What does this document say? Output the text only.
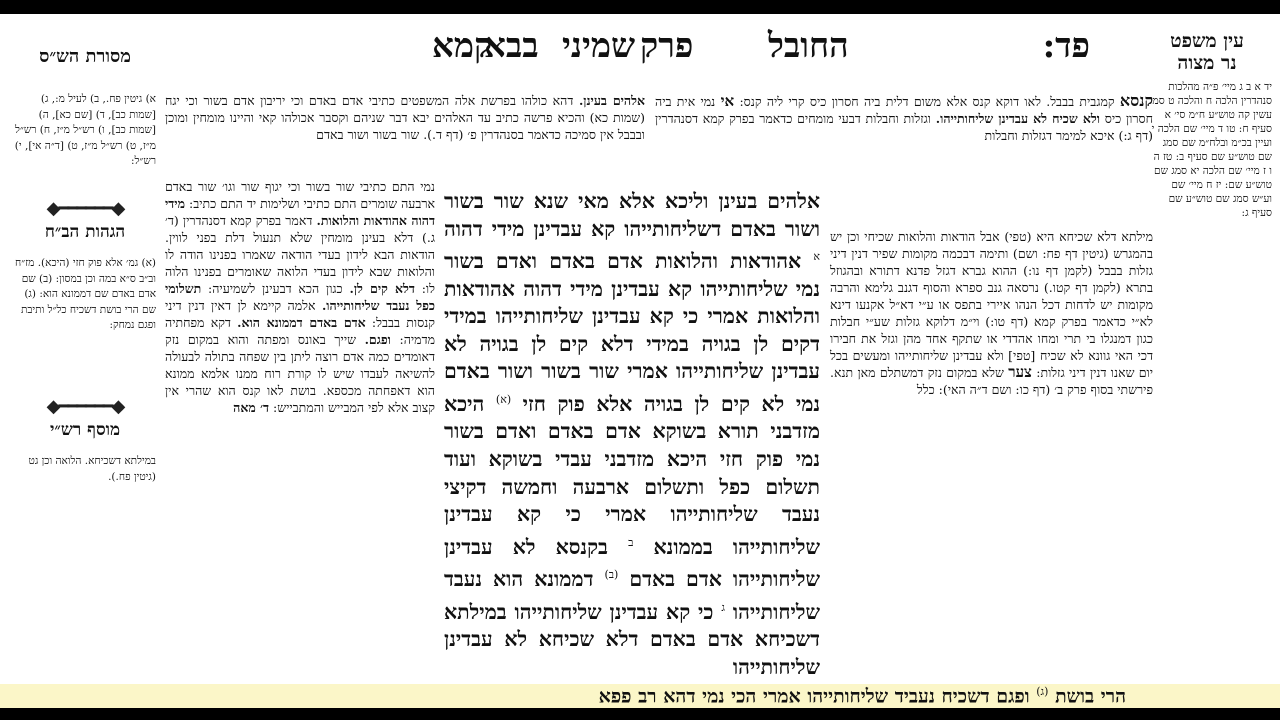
פד:
החובל
פרק
שמיני
בבא
קמא	עין משפט
נר מצוה
יד א ב ג מיי׳ פ״ה מהלכות סנהדרין הלכה ח והלכה ט סמג עשין קה טוש״ע ח״מ סי׳ א סעיף ח: טו ד מיי׳ שם הלכה י ועיין בכ״מ ובלח״מ שם סמג שם טוש״ע שם סעיף ב: טז ה ו ז מיי׳ שם הלכה יא סמג שם טוש״ע שם: יז ח מיי׳ שם וע״ש סמג שם טוש״ע שם סעיף ג:
מסורת הש״ס
א) גיטין פח., ב) לעיל מ:, ג) [שמות כב], ד) [שם כא], ה) [שמות כב], ו) רש״ל מ״ז, ח) רש״ל מ״ז, ט) רש״ל מ״ז, ט) [ד״ה אי], י) רש״ל:
◆━━━━━━◆
הגהות הב״ח
(א) גמ׳ אלא פוק חזי (היכא). מז״ח וב״ב ס״א במה וכן במסון: (ב) שם אדם באדם שם דממונא הוא: (ג) שם הרי בושת דשכיח כל״ל ותיבת ופגם נמחק:
◆━━━━━━◆
מוסף רש״י
במילתא דשכיחא. הלואה וכן גט (גיטין פח.).
קנסא קמגבית בבבל. לאו דוקא קנס אלא משום דלית ביה חסרון כיס קרי ליה קנס: אי נמי אית ביה חסרון כיס ולא שכיח לא עבדינן שליחותייהו. וגזלות וחבלות דבעי מומחים כדאמר בפרק קמא דסנהדרין (דף ג:) איכא למימר דגזלות וחבלות
מילתא דלא שכיחא היא (טפי) אבל הודאות והלואות שכיחי וכן יש בהמגרש (גיטין דף פח: ושם) ותימה דבכמה מקומות שפיר דנין דיני גזלות בבבל (לקמן דף נו:) ההוא גברא דגזל פדנא דתורא ובהגוזל בתרא (לקמן דף קטו.) נרסאה גנב ספרא והסוף דגנב גלימא והרבה מקומות יש לדחות דכל הנהו איירי בתפס או ע״י דא״ל אקנעו דינא לא״י כדאמר בפרק קמא (דף טו:) וי״מ דלוקא גזלות שע״י חבלות כגון דמנגלו בי תרי ומחו אהדדי או שתקף אחד מהן וגזל את חבירו דכי האי גוונא לא שכיח [טפי] ולא עבדינן שליחותייהו ומעשים בכל יום שאנו דנין דיני גזלות: צער שלא במקום נזק דמשתלם מאן תנא. פירשתי בסוף פרק ב׳ (דף כו: ושם ד״ה האי): כלל
אלהים בעינן. דהא כולהו בפרשת אלה המשפטים כתיבי אדם באדם וכי יריבון אדם בשור וכי יגח (שמות כא) והכיא פרשה כתיב עד האלהים יבא דבר שניהם וקסבר אכולהו קאי והיינו מומחין ומוכן ובבבל אין סמיכה כדאמר בסנהדרין פ׳ (דף ד.). שור בשור ושור באדם
נמי התם כתיבי שור בשור וכי יגוף שור וגו׳ שור באדם ארבעה שומרים התם כתיבי ושלימות יד התם כתיב: מידי דהוה אהודאות והלואות. דאמר בפרק קמא דסנהדרין (ד׳ ג.) דלא בעינן מומחין שלא תנעול דלת בפני לווין. הודאות הבא לידון בעדי הודאה שאמרו בפנינו הודה לו והלואות שבא לידון בעדי הלואה שאומרים בפנינו הלוה לו: דלא קים לן. כגון הכא דבעינן לשמיעיה: תשלומי כפל נעבד שליחותייהו. אלמה קיימא לן דאין דנין דיני קנסות בבבל: אדם באדם דממונא הוא. דקא מפחתיה מדמיה: ופגם. שייך באונס ומפתה והוא במקום נזק דאומדים כמה אדם רוצה ליתן בין שפחה בתולה לבעולה להשיאה לעבדו שיש לו קורת רוח ממנו אלמא ממונא הוא דאפחתה מכספא. בושת לאו קנס הוא שהרי אין קצוב אלא לפי המבייש והמתבייש: ד׳ מאה
אלהים בעינן וליכא אלא מאי שנא שור בשור ושור באדם דשליחותייהו קא עבדינן מידי דהוה $^א$ אהודאות והלואות אדם באדם ואדם בשור נמי שליחותייהו קא עבדינן מידי דהוה אהודאות והלואות אמרי כי קא עבדינן שליחותייהו במידי דקים לן בגויה במידי דלא קים לן בגויה לא עבדינן שליחותייהו אמרי שור בשור ושור באדם נמי לא קים לן בגויה אלא פוק חזי $^{(א)}$ היכא מזדבני תורא בשוקא אדם באדם ואדם בשור נמי פוק חזי היכא מזדבני עבדי בשוקא ועוד תשלום כפל ותשלום ארבעה וחמשה דקיצי נעבד שליחותייהו אמרי כי קא עבדינן שליחותייהו בממונא $^ב$ בקנסא לא עבדינן שליחותייהו אדם באדם $^{(ב)}$ דממונא הוא נעבד שליחותייהו $^ג$ כי קא עבדינן שליחותייהו במילתא דשכיחא אדם באדם דלא שכיחא לא עבדינן שליחותייהו
הרי בושת $^{(ג)}$ ופגם דשכיח נעביד שליחותייהו אמרי הכי נמי דהא רב פפא
